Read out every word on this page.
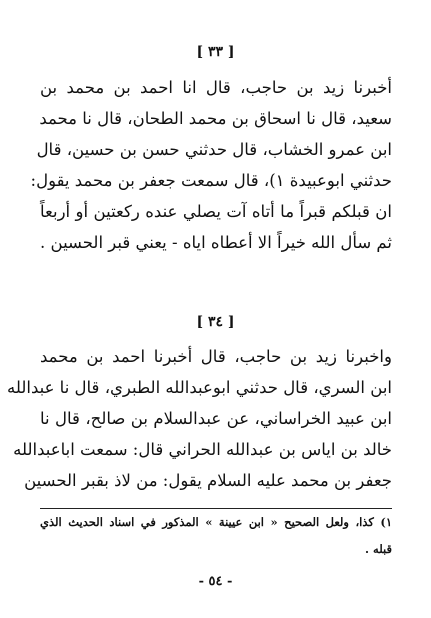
[ ٣٣ ]
أخبرنا زيد بن حاجب، قال انا احمد بن محمد بن
سعيد، قال نا اسحاق بن محمد الطحان، قال نا محمد
ابن عمرو الخشاب، قال حدثني حسن بن حسين، قال
حدثني ابوعبيدة ١)، قال سمعت جعفر بن محمد يقول:
ان قبلكم قبراً ما أتاه آت يصلي عنده ركعتين أو أربعاً
ثم سأل الله خيراً الا أعطاه اياه - يعني قبر الحسين .
[ ٣٤ ]
واخبرنا زيد بن حاجب، قال أخبرنا احمد بن محمد
ابن السري، قال حدثني ابوعبدالله الطبري، قال نا عبدالله
ابن عبيد الخراساني، عن عبدالسلام بن صالح، قال نا
خالد بن اياس بن عبدالله الحراني قال: سمعت اباعبدالله
جعفر بن محمد عليه السلام يقول: من لاذ بقبر الحسين
١) كذا، ولعل الصحيح « ابن عيينة » المذكور في اسناد الحديث الذي
قبله .
- ٥٤ -
